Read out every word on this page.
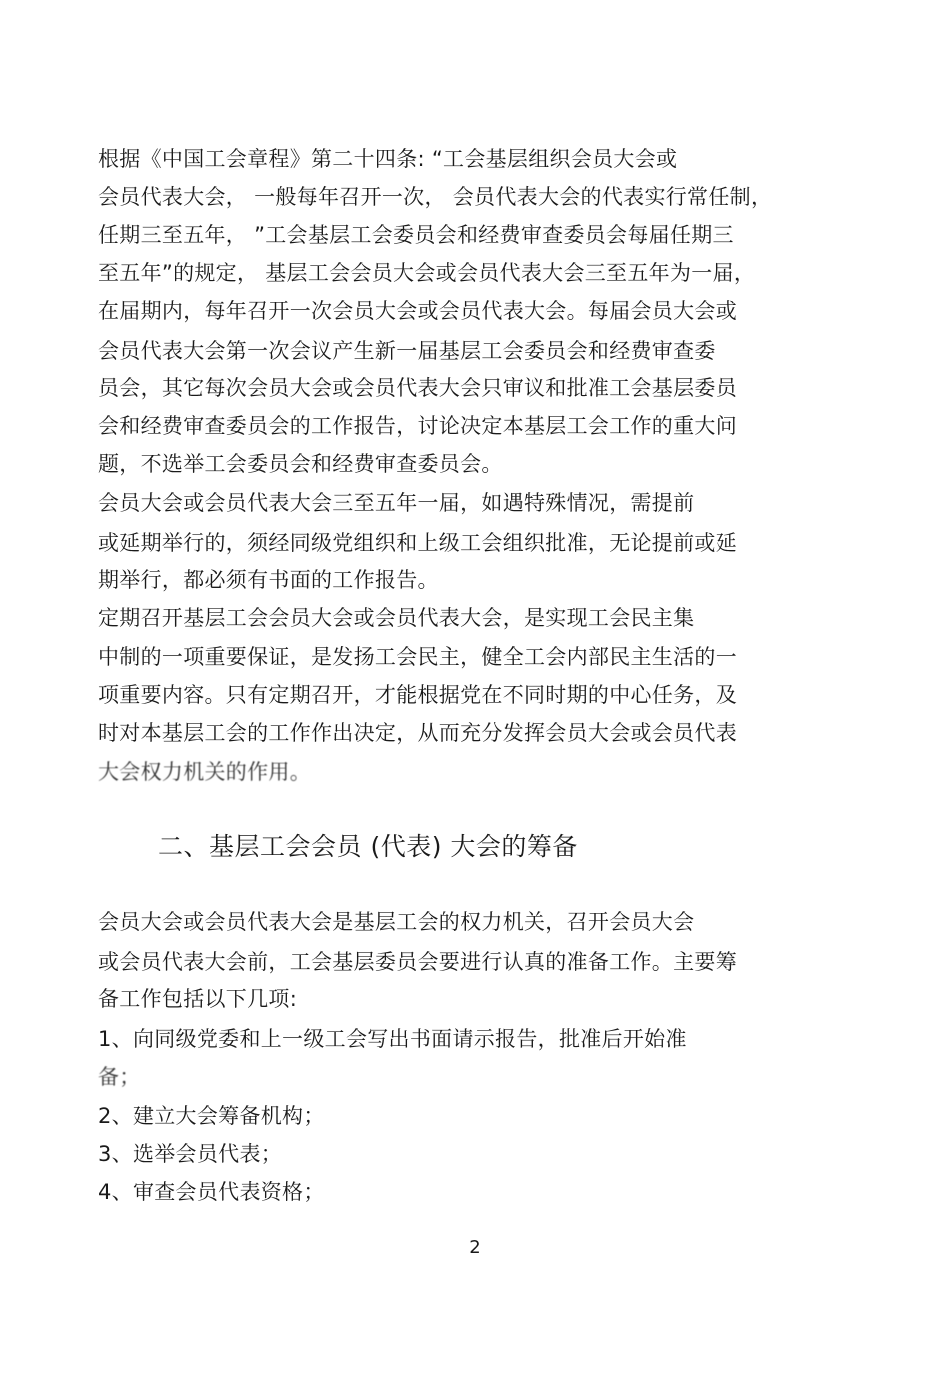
根据《中国工会章程》第二十四条: “工会基层组织会员大会或
会员代表大会， 一般每年召开一次， 会员代表大会的代表实行常任制，
任期三至五年， ”工会基层工会委员会和经费审查委员会每届任期三
至五年”的规定， 基层工会会员大会或会员代表大会三至五年为一届，
在届期内，每年召开一次会员大会或会员代表大会。每届会员大会或
会员代表大会第一次会议产生新一届基层工会委员会和经费审查委
员会，其它每次会员大会或会员代表大会只审议和批准工会基层委员
会和经费审查委员会的工作报告，讨论决定本基层工会工作的重大问
题，不选举工会委员会和经费审查委员会。
会员大会或会员代表大会三至五年一届，如遇特殊情况，需提前
或延期举行的，须经同级党组织和上级工会组织批准，无论提前或延
期举行，都必须有书面的工作报告。
定期召开基层工会会员大会或会员代表大会，是实现工会民主集
中制的一项重要保证，是发扬工会民主，健全工会内部民主生活的一
项重要内容。只有定期召开，才能根据党在不同时期的中心任务，及
时对本基层工会的工作作出决定，从而充分发挥会员大会或会员代表
大会权力机关的作用。
二、基层工会会员 (代表) 大会的筹备
会员大会或会员代表大会是基层工会的权力机关，召开会员大会
或会员代表大会前，工会基层委员会要进行认真的准备工作。主要筹
备工作包括以下几项:
1、向同级党委和上一级工会写出书面请示报告，批准后开始准
备；
2、建立大会筹备机构；
3、选举会员代表；
4、审查会员代表资格；
2
